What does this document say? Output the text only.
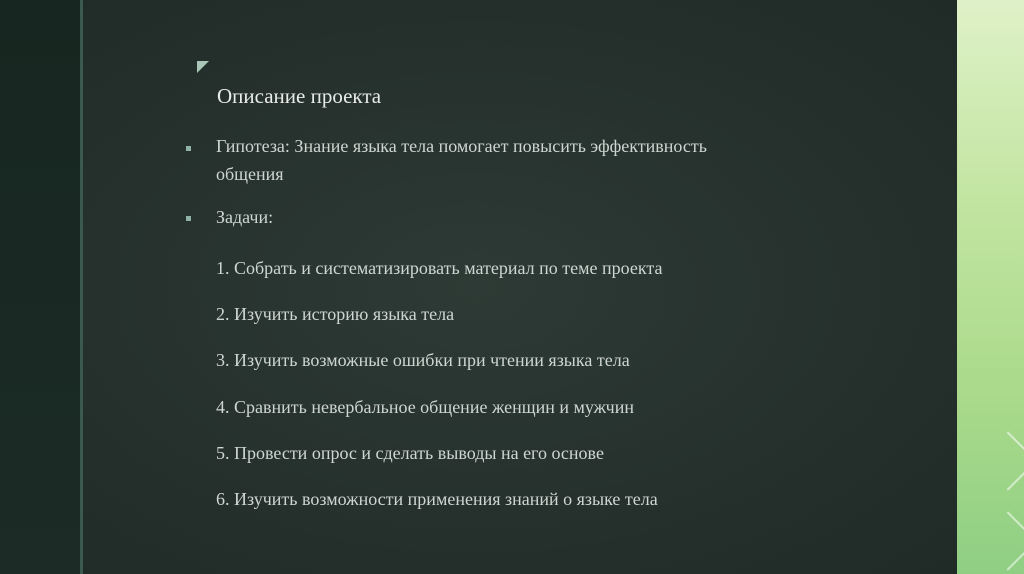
Описание проекта
Гипотеза: Знание языка тела помогает повысить эффективность
общения
Задачи:
1. Собрать и систематизировать материал по теме проекта
2. Изучить историю языка тела
3. Изучить возможные ошибки при чтении языка тела
4. Сравнить невербальное общение женщин и мужчин
5. Провести опрос и сделать выводы на его основе
6. Изучить возможности применения знаний о языке тела
